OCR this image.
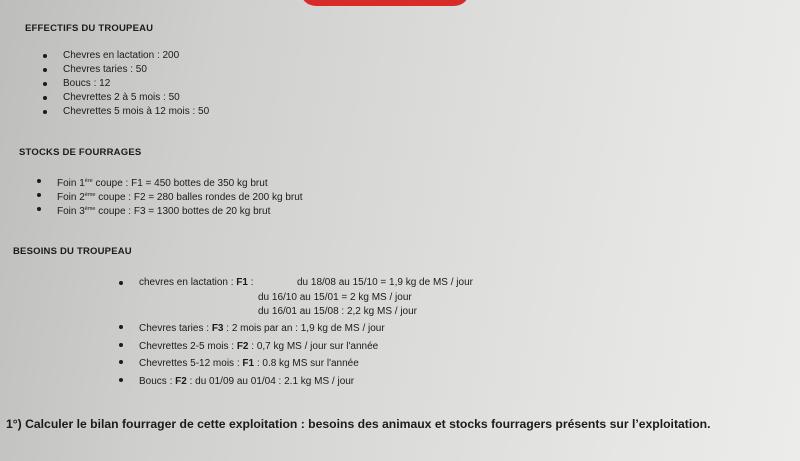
EFFECTIFS DU TROUPEAU
Chevres en lactation : 200
Chevres taries : 50
Boucs : 12
Chevrettes 2 à 5 mois : 50
Chevrettes 5 mois à 12 mois : 50
STOCKS DE FOURRAGES
Foin 1ère coupe : F1 = 450 bottes de 350 kg brut
Foin 2ème coupe : F2 = 280 balles rondes de 200 kg brut
Foin 3ème coupe : F3 = 1300 bottes de 20 kg brut
BESOINS DU TROUPEAU
chevres en lactation : F1 :	du 18/08 au 15/10 = 1,9 kg de MS / jour
du 16/10 au 15/01 = 2 kg MS / jour
du 16/01 au 15/08 : 2,2 kg MS / jour
Chevres taries : F3 : 2 mois par an : 1,9 kg de MS / jour
Chevrettes 2-5 mois : F2 : 0,7 kg MS / jour sur l'année
Chevrettes 5-12 mois : F1 : 0.8 kg MS sur l'année
Boucs : F2 : du 01/09 au 01/04 : 2.1 kg MS / jour
1°) Calculer le bilan fourrager de cette exploitation : besoins des animaux et stocks fourragers présents sur l’exploitation.
